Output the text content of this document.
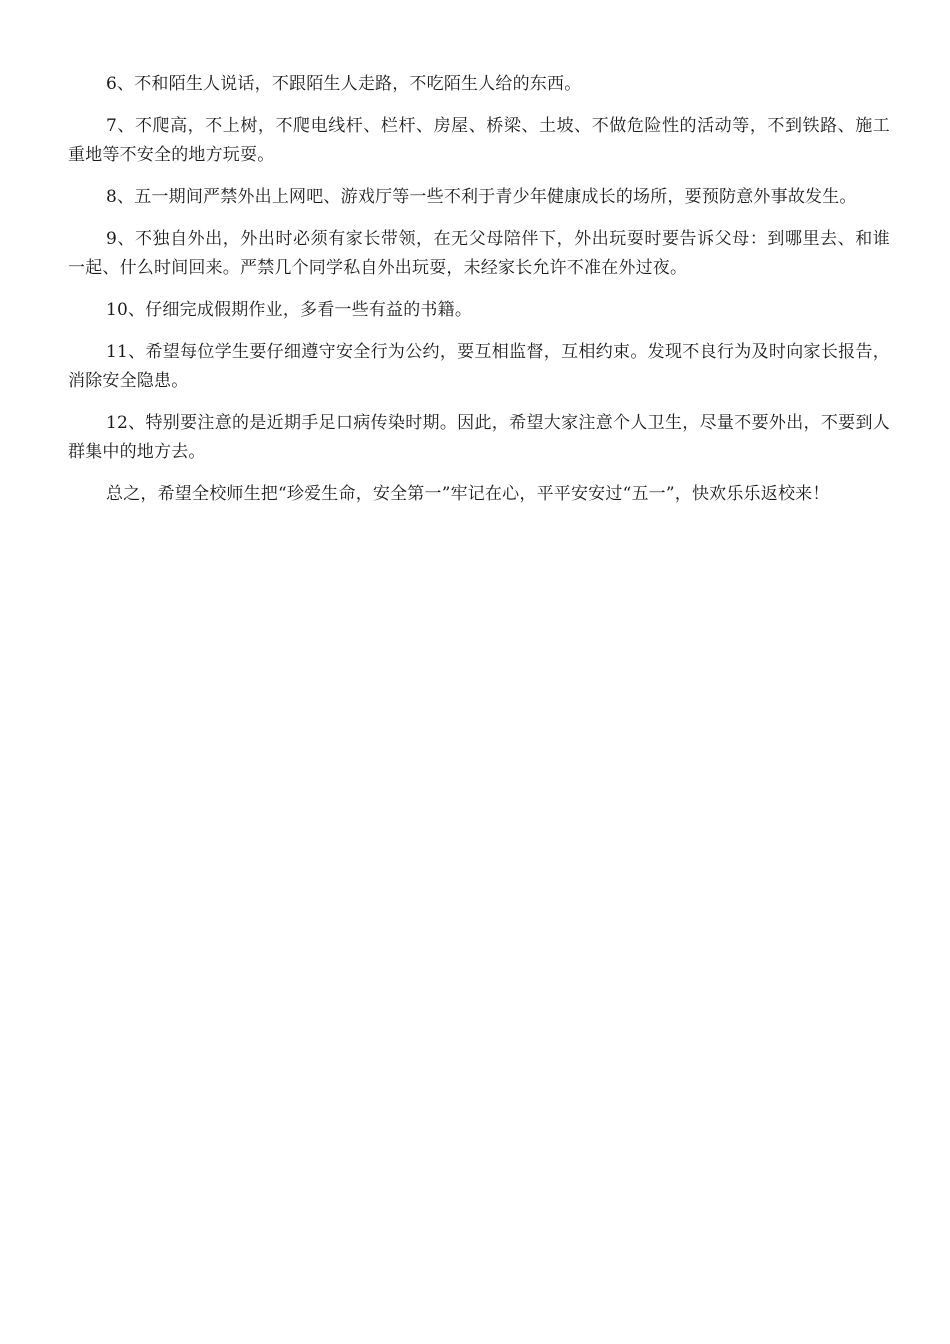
6、不和陌生人说话，不跟陌生人走路，不吃陌生人给的东西。

7、不爬高，不上树，不爬电线杆、栏杆、房屋、桥梁、土坡、不做危险性的活动等，不到铁路、施工重地等不安全的地方玩耍。

8、五一期间严禁外出上网吧、游戏厅等一些不利于青少年健康成长的场所，要预防意外事故发生。

9、不独自外出，外出时必须有家长带领，在无父母陪伴下，外出玩耍时要告诉父母：到哪里去、和谁一起、什么时间回来。严禁几个同学私自外出玩耍，未经家长允许不准在外过夜。

10、仔细完成假期作业，多看一些有益的书籍。

11、希望每位学生要仔细遵守安全行为公约，要互相监督，互相约束。发现不良行为及时向家长报告，消除安全隐患。

12、特别要注意的是近期手足口病传染时期。因此，希望大家注意个人卫生，尽量不要外出，不要到人群集中的地方去。

总之，希望全校师生把“珍爱生命，安全第一”牢记在心，平平安安过“五一”，快欢乐乐返校来！
